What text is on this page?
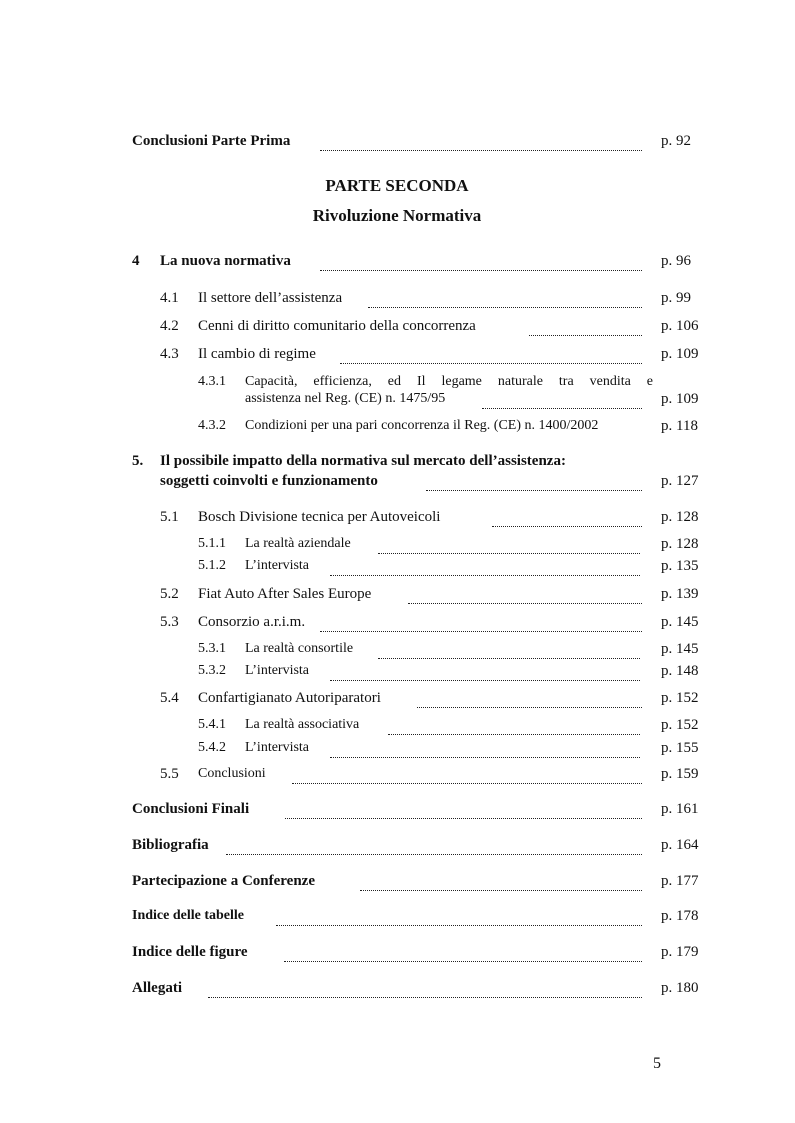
Conclusioni Parte Prima	p. 92
PARTE SECONDA
Rivoluzione Normativa
4 La nuova normativa	p. 96
4.1 Il settore dell’assistenza	p. 99
4.2 Cenni di diritto comunitario della concorrenza	p. 106
4.3 Il cambio di regime	p. 109
4.3.1 Capacità, efficienza, ed Il legame naturale tra vendita e
assistenza nel Reg. (CE) n. 1475/95	p. 109
4.3.2 Condizioni per una pari concorrenza il Reg. (CE) n. 1400/2002	p. 118
5. Il possibile impatto della normativa sul mercato dell’assistenza:
soggetti coinvolti e funzionamento	p. 127
5.1 Bosch Divisione tecnica per Autoveicoli	p. 128
5.1.1 La realtà aziendale	p. 128
5.1.2 L’intervista	p. 135
5.2 Fiat Auto After Sales Europe	p. 139
5.3 Consorzio a.r.i.m.	p. 145
5.3.1 La realtà consortile	p. 145
5.3.2 L’intervista	p. 148
5.4 Confartigianato Autoriparatori	p. 152
5.4.1 La realtà associativa	p. 152
5.4.2 L’intervista	p. 155
5.5 Conclusioni	p. 159
Conclusioni Finali	p. 161
Bibliografia	p. 164
Partecipazione a Conferenze	p. 177
Indice delle tabelle	p. 178
Indice delle figure	p. 179
Allegati	p. 180
5
